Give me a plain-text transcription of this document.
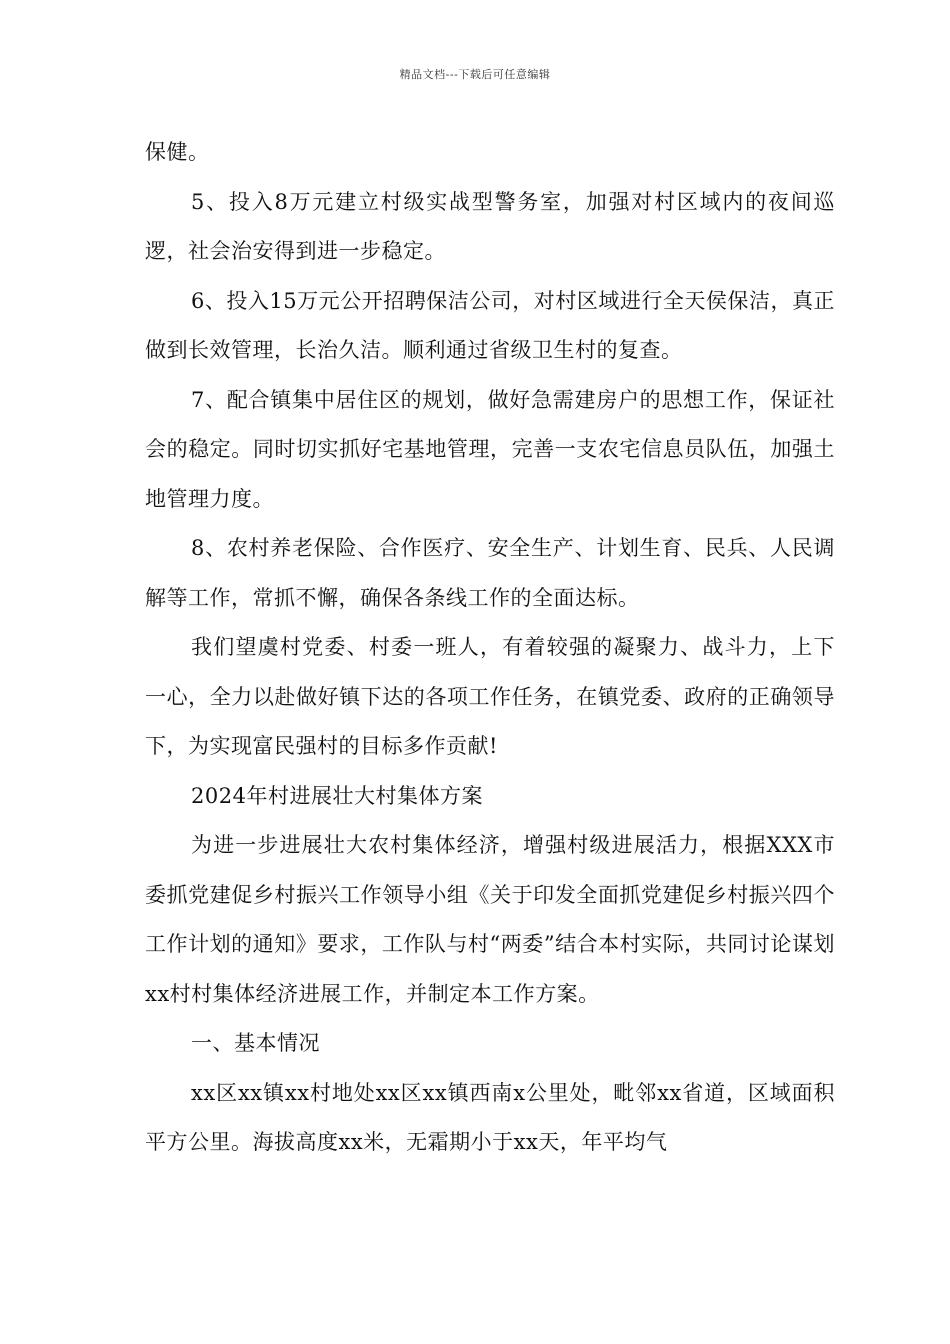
精品文档---下载后可任意编辑

保健。

5、投入8万元建立村级实战型警务室，加强对村区域内的夜间巡逻，社会治安得到进一步稳定。

6、投入15万元公开招聘保洁公司，对村区域进行全天侯保洁，真正做到长效管理，长治久洁。顺利通过省级卫生村的复查。

7、配合镇集中居住区的规划，做好急需建房户的思想工作，保证社会的稳定。同时切实抓好宅基地管理，完善一支农宅信息员队伍，加强土地管理力度。

8、农村养老保险、合作医疗、安全生产、计划生育、民兵、人民调解等工作，常抓不懈，确保各条线工作的全面达标。

我们望虞村党委、村委一班人，有着较强的凝聚力、战斗力，上下一心，全力以赴做好镇下达的各项工作任务，在镇党委、政府的正确领导下，为实现富民强村的目标多作贡献!

2024年村进展壮大村集体方案

为进一步进展壮大农村集体经济，增强村级进展活力，根据XXX市委抓党建促乡村振兴工作领导小组《关于印发全面抓党建促乡村振兴四个工作计划的通知》要求，工作队与村“两委”结合本村实际，共同讨论谋划xx村村集体经济进展工作，并制定本工作方案。

一、基本情况

xx区xx镇xx村地处xx区xx镇西南x公里处，毗邻xx省道，区域面积平方公里。海拔高度xx米，无霜期小于xx天，年平均气
